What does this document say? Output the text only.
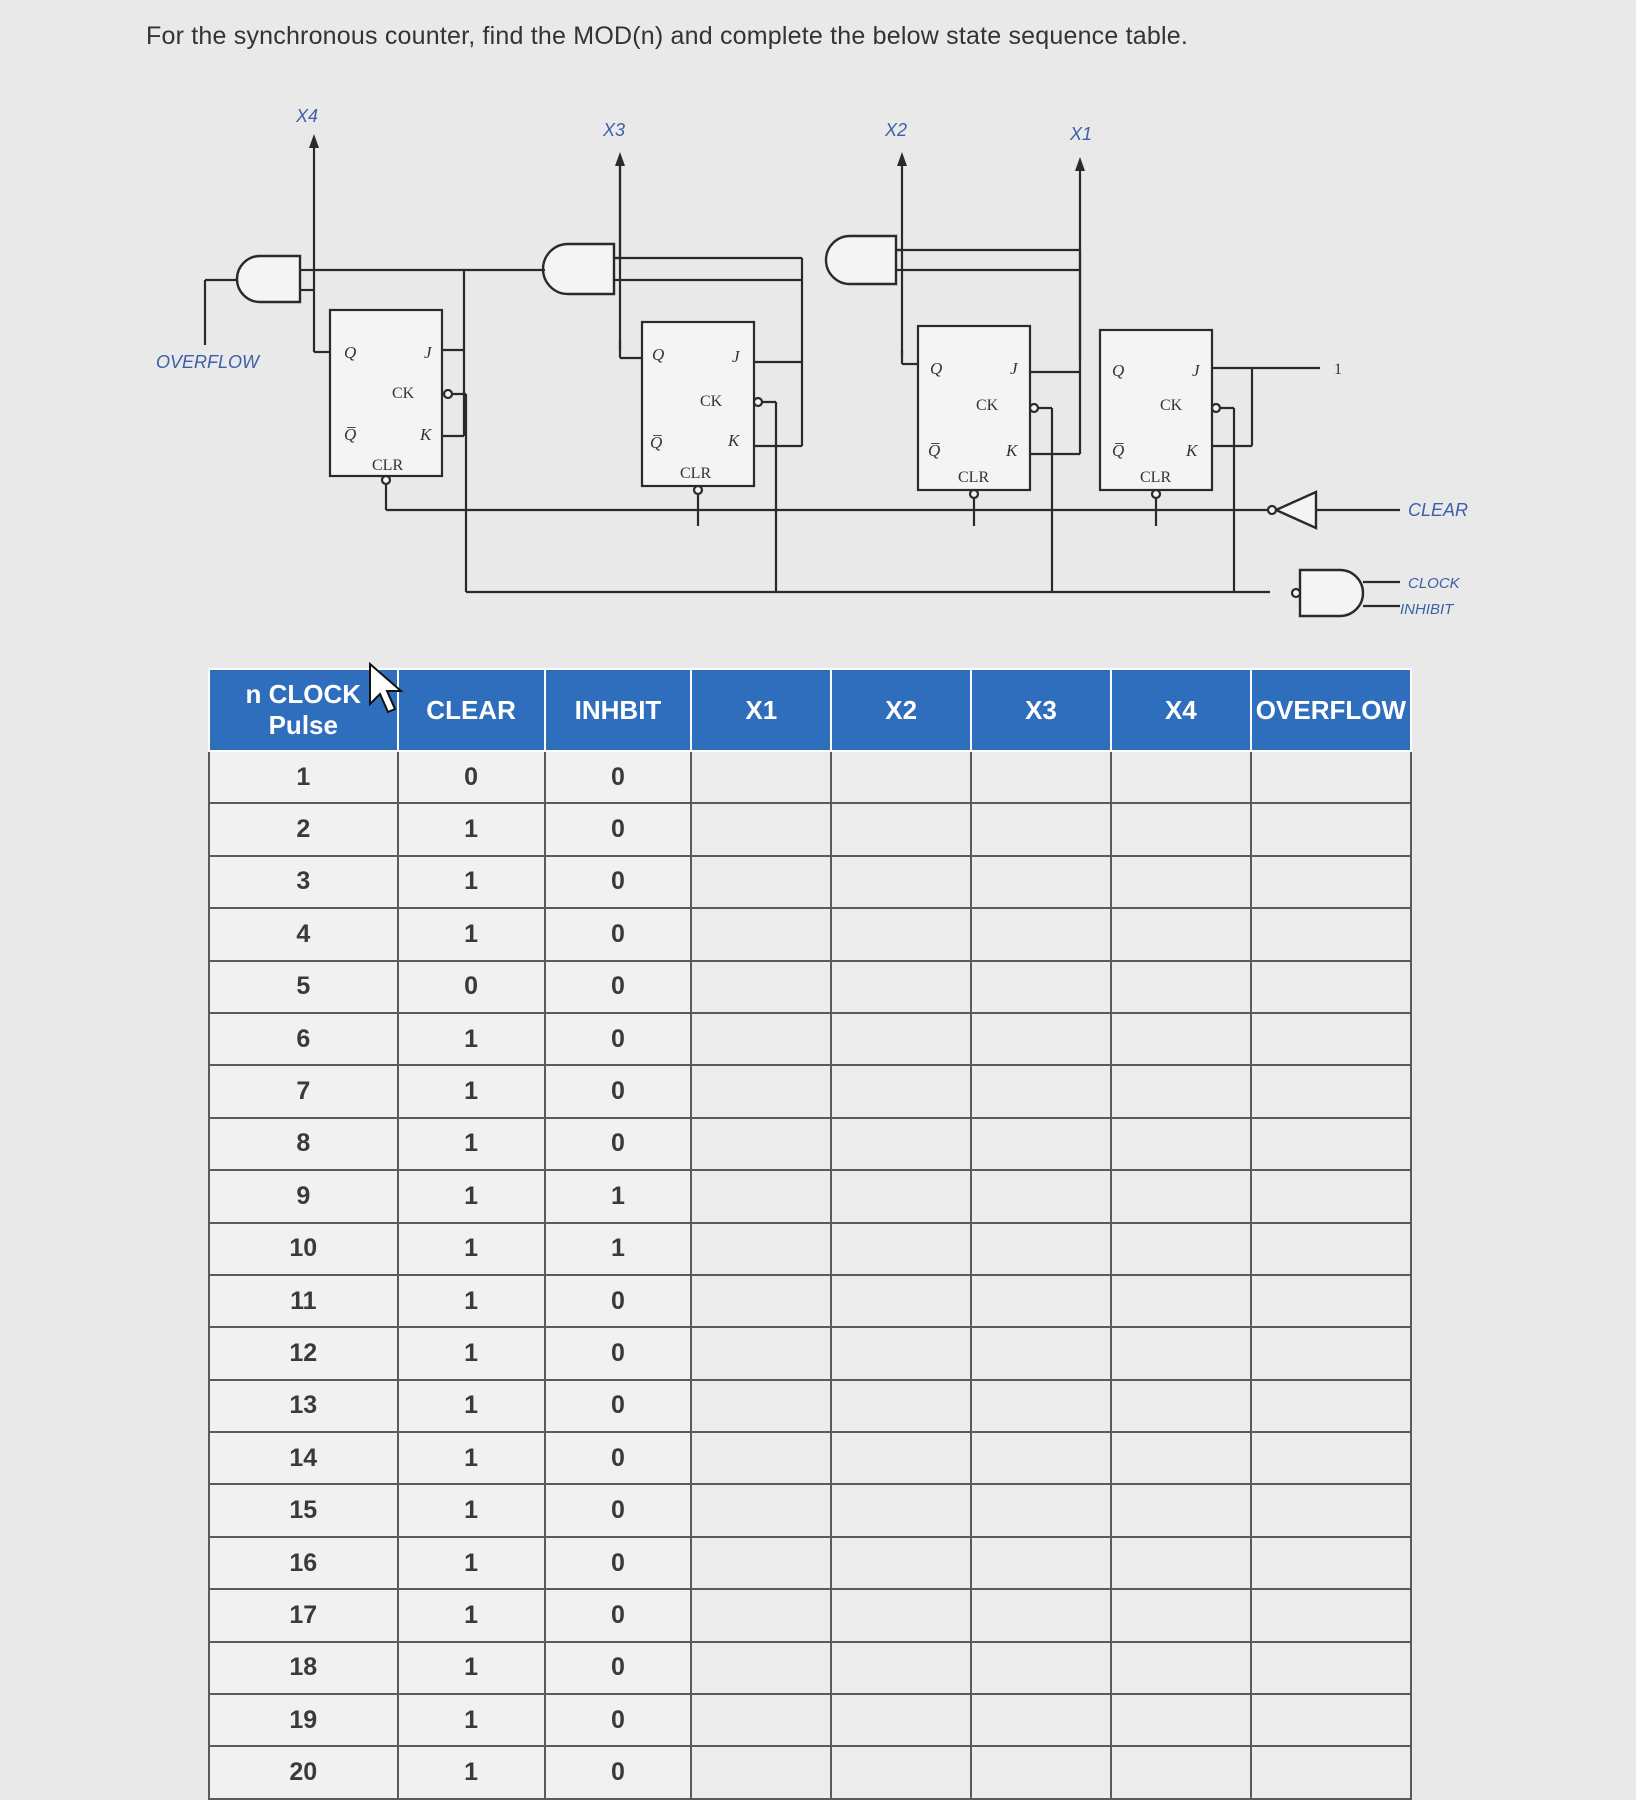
For the synchronous counter, find the MOD(n) and complete the below state sequence table.
X4
X3	X2	X1
Q
Q̅
J
K
CK
CLR
Q
Q̅
J
K
CK
CLR
Q
Q̅
J
K
CK
CLR
Q
Q̅
J
K
CK
CLR
1
CLEAR
CLOCK
INHIBIT
OVERFLOW
n CLOCK
Pulse	CLEAR	INHBIT	X1	X2	X3	X4	OVERFLOW
1	0	0					
2	1	0					
3	1	0					
4	1	0					
5	0	0					
6	1	0					
7	1	0					
8	1	0					
9	1	1					
10	1	1					
11	1	0					
12	1	0					
13	1	0					
14	1	0					
15	1	0					
16	1	0					
17	1	0					
18	1	0					
19	1	0					
20	1	0					
